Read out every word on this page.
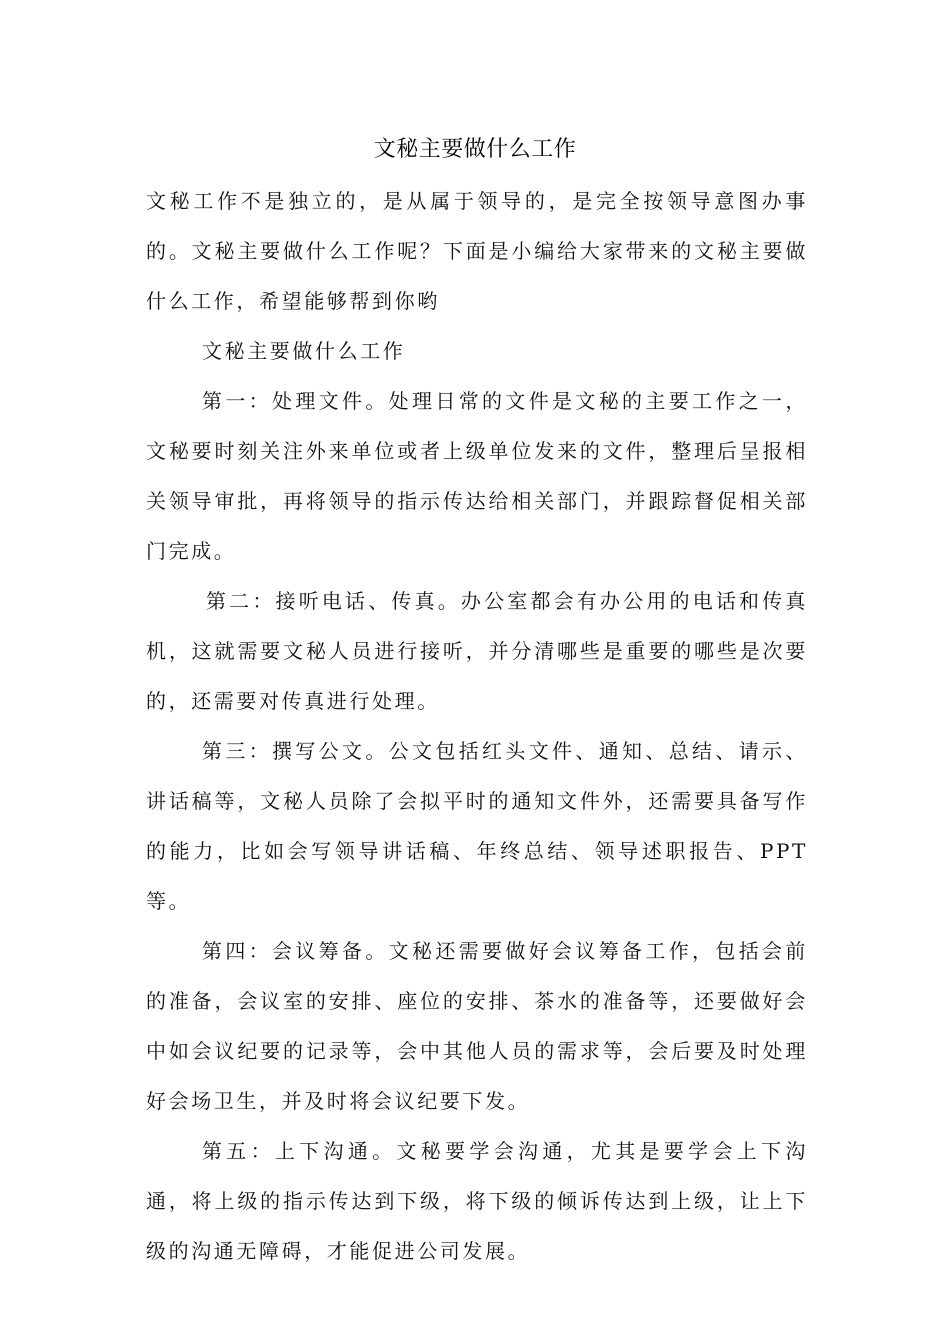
文秘主要做什么工作

文秘工作不是独立的，是从属于领导的，是完全按领导意图办事的。文秘主要做什么工作呢？下面是小编给大家带来的文秘主要做什么工作，希望能够帮到你哟

文秘主要做什么工作

第一：处理文件。处理日常的文件是文秘的主要工作之一，文秘要时刻关注外来单位或者上级单位发来的文件，整理后呈报相关领导审批，再将领导的指示传达给相关部门，并跟踪督促相关部门完成。

第二：接听电话、传真。办公室都会有办公用的电话和传真机，这就需要文秘人员进行接听，并分清哪些是重要的哪些是次要的，还需要对传真进行处理。

第三：撰写公文。公文包括红头文件、通知、总结、请示、讲话稿等，文秘人员除了会拟平时的通知文件外，还需要具备写作的能力，比如会写领导讲话稿、年终总结、领导述职报告、PPT 等。

第四：会议筹备。文秘还需要做好会议筹备工作，包括会前的准备，会议室的安排、座位的安排、茶水的准备等，还要做好会中如会议纪要的记录等，会中其他人员的需求等，会后要及时处理好会场卫生，并及时将会议纪要下发。

第五：上下沟通。文秘要学会沟通，尤其是要学会上下沟通，将上级的指示传达到下级，将下级的倾诉传达到上级，让上下级的沟通无障碍，才能促进公司发展。
